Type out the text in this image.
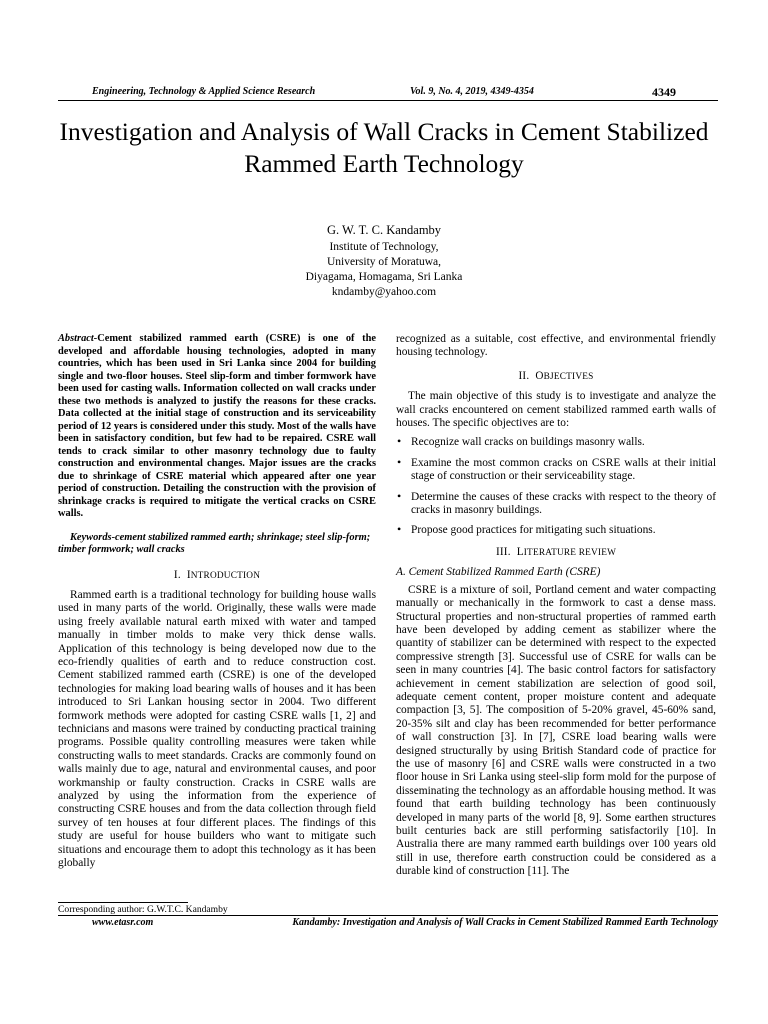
Engineering, Technology & Applied Science Research	Vol. 9, No. 4, 2019, 4349-4354	4349
Investigation and Analysis of Wall Cracks in Cement Stabilized Rammed Earth Technology
G. W. T. C. Kandamby
Institute of Technology,
University of Moratuwa,
Diyagama, Homagama, Sri Lanka
kndamby@yahoo.com

Abstract-Cement stabilized rammed earth (CSRE) is one of the developed and affordable housing technologies, adopted in many countries, which has been used in Sri Lanka since 2004 for building single and two-floor houses. Steel slip-form and timber formwork have been used for casting walls. Information collected on wall cracks under these two methods is analyzed to justify the reasons for these cracks. Data collected at the initial stage of construction and its serviceability period of 12 years is considered under this study. Most of the walls have been in satisfactory condition, but few had to be repaired. CSRE wall tends to crack similar to other masonry technology due to faulty construction and environmental changes. Major issues are the cracks due to shrinkage of CSRE material which appeared after one year period of construction. Detailing the construction with the provision of shrinkage cracks is required to mitigate the vertical cracks on CSRE walls.

Keywords-cement stabilized rammed earth; shrinkage; steel slip-form; timber formwork; wall cracks

I. INTRODUCTION

Rammed earth is a traditional technology for building house walls used in many parts of the world. Originally, these walls were made using freely available natural earth mixed with water and tamped manually in timber molds to make very thick dense walls. Application of this technology is being developed now due to the eco-friendly qualities of earth and to reduce construction cost. Cement stabilized rammed earth (CSRE) is one of the developed technologies for making load bearing walls of houses and it has been introduced to Sri Lankan housing sector in 2004. Two different formwork methods were adopted for casting CSRE walls [1, 2] and technicians and masons were trained by conducting practical training programs. Possible quality controlling measures were taken while constructing walls to meet standards. Cracks are commonly found on walls mainly due to age, natural and environmental causes, and poor workmanship or faulty construction. Cracks in CSRE walls are analyzed by using the information from the experience of constructing CSRE houses and from the data collection through field survey of ten houses at four different places. The findings of this study are useful for house builders who want to mitigate such situations and encourage them to adopt this technology as it has been globally

recognized as a suitable, cost effective, and environmental friendly housing technology.

II. OBJECTIVES

The main objective of this study is to investigate and analyze the wall cracks encountered on cement stabilized rammed earth walls of houses. The specific objectives are to:

• Recognize wall cracks on buildings masonry walls.
• Examine the most common cracks on CSRE walls at their initial stage of construction or their serviceability stage.
• Determine the causes of these cracks with respect to the theory of cracks in masonry buildings.
• Propose good practices for mitigating such situations.
III. LITERATURE REVIEW
A. Cement Stabilized Rammed Earth (CSRE)

CSRE is a mixture of soil, Portland cement and water compacting manually or mechanically in the formwork to cast a dense mass. Structural properties and non-structural properties of rammed earth have been developed by adding cement as stabilizer where the quantity of stabilizer can be determined with respect to the expected compressive strength [3]. Successful use of CSRE for walls can be seen in many countries [4]. The basic control factors for satisfactory achievement in cement stabilization are selection of good soil, adequate cement content, proper moisture content and adequate compaction [3, 5]. The composition of 5-20% gravel, 45-60% sand, 20-35% silt and clay has been recommended for better performance of wall construction [3]. In [7], CSRE load bearing walls were designed structurally by using British Standard code of practice for the use of masonry [6] and CSRE walls were constructed in a two floor house in Sri Lanka using steel-slip form mold for the purpose of disseminating the technology as an affordable housing method. It was found that earth building technology has been continuously developed in many parts of the world [8, 9]. Some earthen structures built centuries back are still performing satisfactorily [10]. In Australia there are many rammed earth buildings over 100 years old still in use, therefore earth construction could be considered as a durable kind of construction [11]. The

Corresponding author: G.W.T.C. Kandamby
www.etasr.com	Kandamby: Investigation and Analysis of Wall Cracks in Cement Stabilized Rammed Earth Technology
